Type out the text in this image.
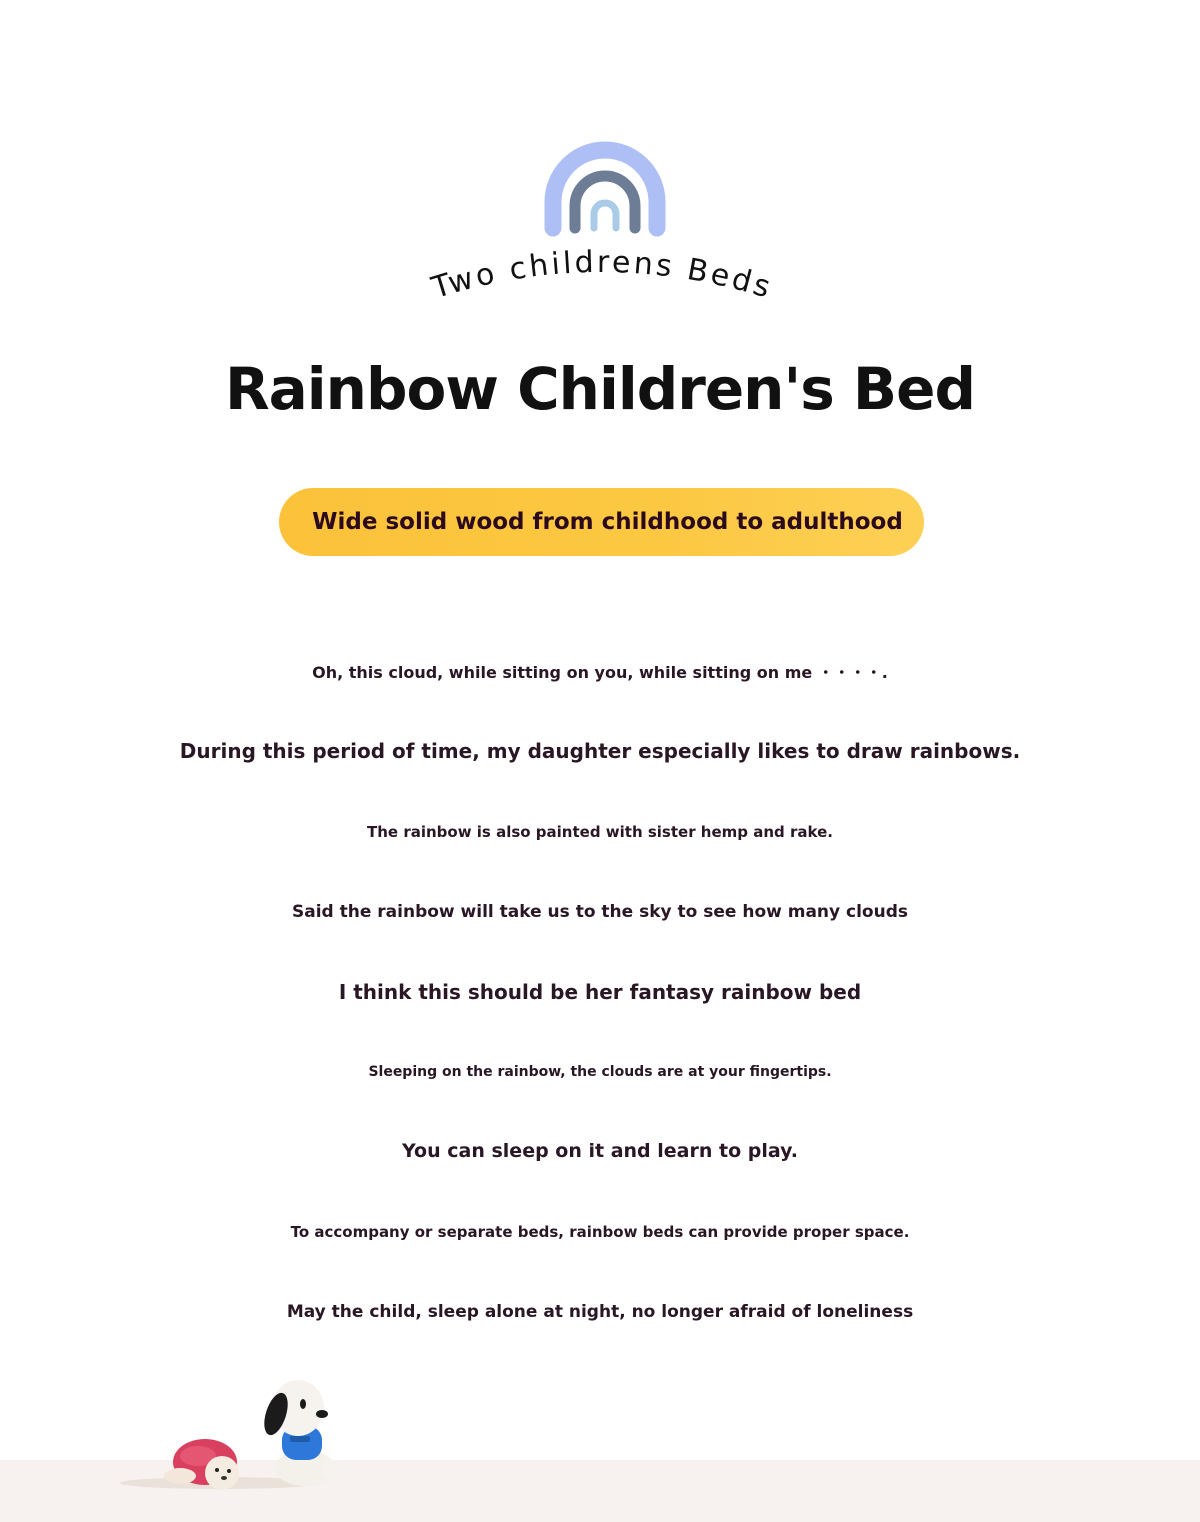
Two childrens Beds
Rainbow Children's Bed
Wide solid wood from childhood to adulthood
Oh, this cloud, while sitting on you, while sitting on me ・・・・.
During this period of time, my daughter especially likes to draw rainbows.
The rainbow is also painted with sister hemp and rake.
Said the rainbow will take us to the sky to see how many clouds
I think this should be her fantasy rainbow bed
Sleeping on the rainbow, the clouds are at your fingertips.
You can sleep on it and learn to play.
To accompany or separate beds, rainbow beds can provide proper space.
May the child, sleep alone at night, no longer afraid of loneliness
